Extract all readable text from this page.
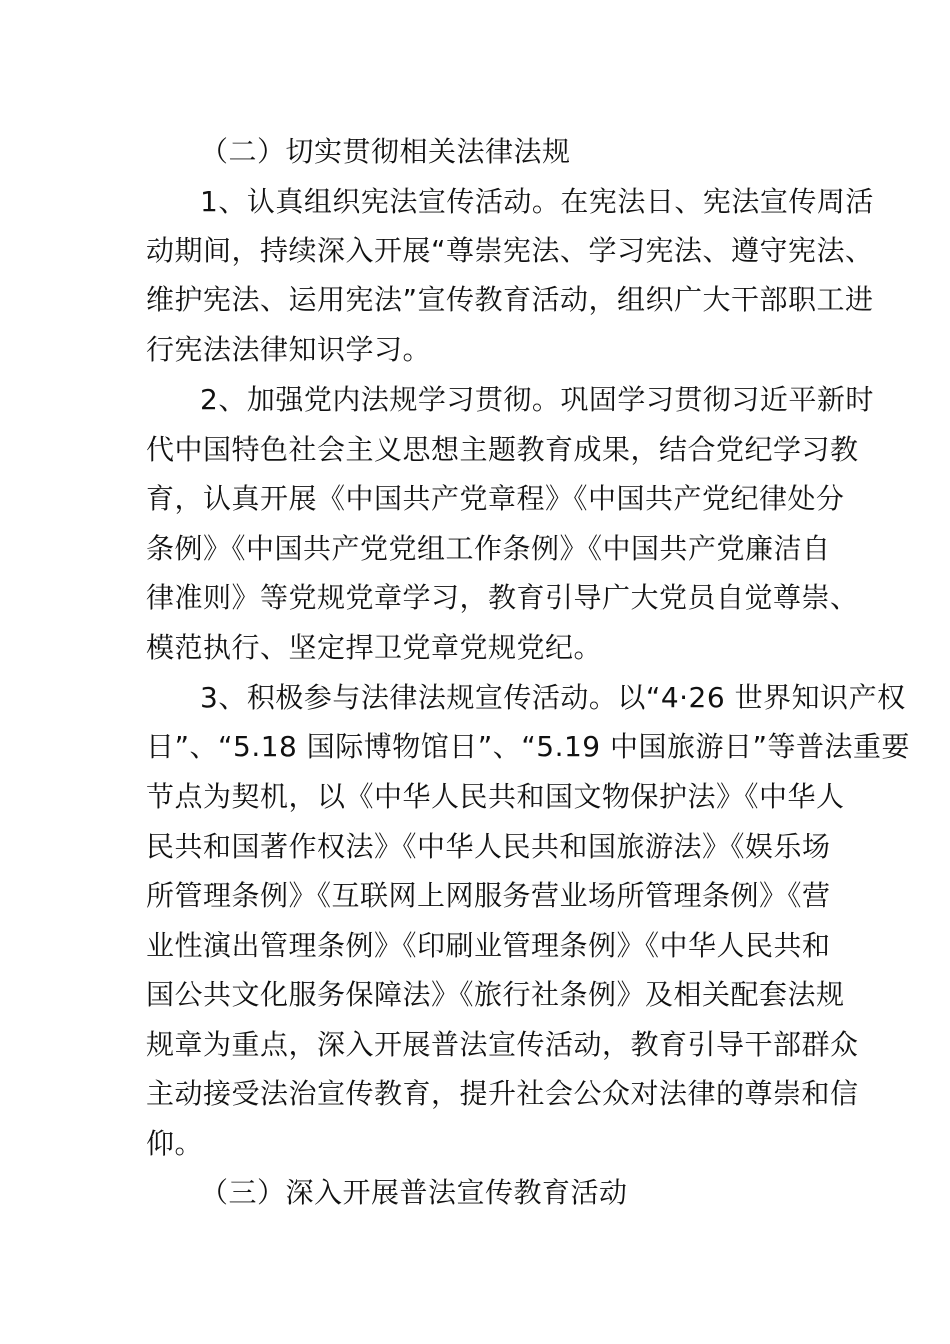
（二）切实贯彻相关法律法规
1、认真组织宪法宣传活动。在宪法日、宪法宣传周活
动期间，持续深入开展“尊崇宪法、学习宪法、遵守宪法、
维护宪法、运用宪法”宣传教育活动，组织广大干部职工进
行宪法法律知识学习。
2、加强党内法规学习贯彻。巩固学习贯彻习近平新时
代中国特色社会主义思想主题教育成果，结合党纪学习教
育，认真开展《中国共产党章程》《中国共产党纪律处分
条例》《中国共产党党组工作条例》《中国共产党廉洁自
律准则》等党规党章学习，教育引导广大党员自觉尊崇、
模范执行、坚定捍卫党章党规党纪。
3、积极参与法律法规宣传活动。以“4·26 世界知识产权
日”、“5.18 国际博物馆日”、“5.19 中国旅游日”等普法重要
节点为契机，以《中华人民共和国文物保护法》《中华人
民共和国著作权法》《中华人民共和国旅游法》《娱乐场
所管理条例》《互联网上网服务营业场所管理条例》《营
业性演出管理条例》《印刷业管理条例》《中华人民共和
国公共文化服务保障法》《旅行社条例》及相关配套法规
规章为重点，深入开展普法宣传活动，教育引导干部群众
主动接受法治宣传教育，提升社会公众对法律的尊崇和信
仰。
（三）深入开展普法宣传教育活动
